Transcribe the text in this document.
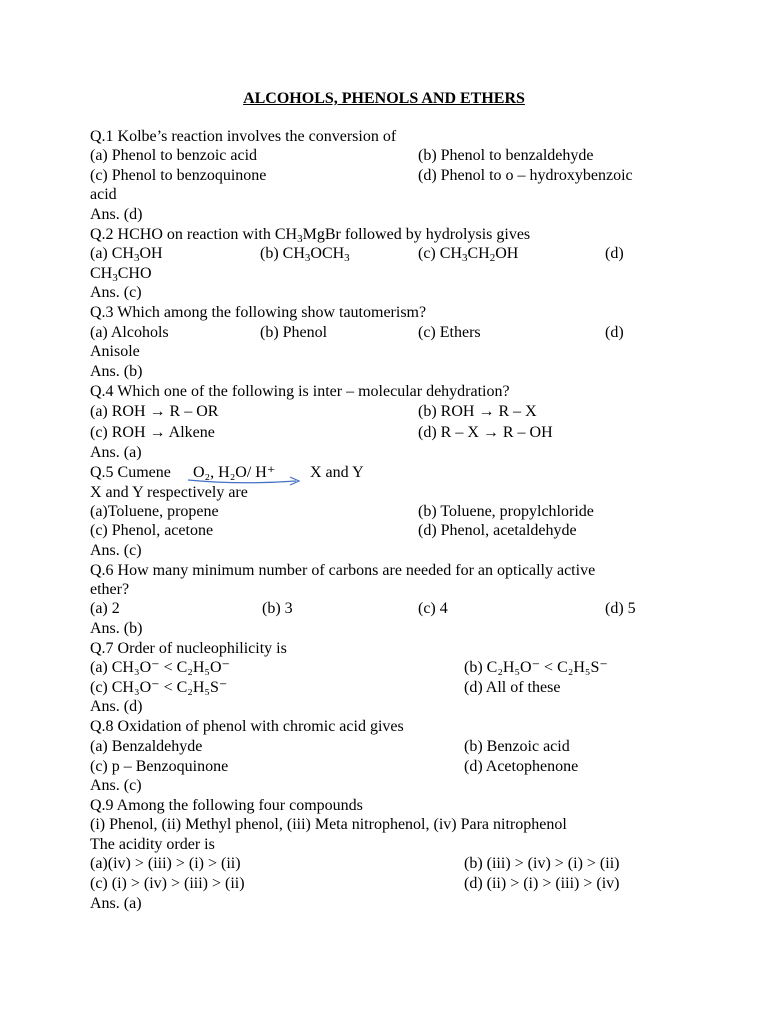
ALCOHOLS, PHENOLS AND ETHERS
Q.1 Kolbe’s reaction involves the conversion of
(a) Phenol to benzoic acid	(b) Phenol to benzaldehyde
(c) Phenol to benzoquinone	(d) Phenol to o – hydroxybenzoic
acid
Ans. (d)
Q.2 HCHO on reaction with $CH_3MgBr$ followed by hydrolysis gives
(a) $CH_3OH$	(b) $CH_3OCH_3$	(c) $CH_3CH_2OH$	(d)
$CH_3CHO$
Ans. (c)
Q.3 Which among the following show tautomerism?
(a) Alcohols	(b) Phenol	(c) Ethers	(d)
Anisole
Ans. (b)
Q.4 Which one of the following is inter – molecular dehydration?
(a) ROH → R – OR	(b) ROH → R – X
(c) ROH → Alkene	(d) R – X → R – OH
Ans. (a)
Q.5 Cumene O₂, H₂O/ H⁺ X and Y
X and Y respectively are
(a)Toluene, propene	(b) Toluene, propylchloride
(c) Phenol, acetone	(d) Phenol, acetaldehyde
Ans. (c)
Q.6 How many minimum number of carbons are needed for an optically active
ether?
(a) 2	(b) 3	(c) 4	(d) 5
Ans. (b)
Q.7 Order of nucleophilicity is
(a) CH₃O⁻ < C₂H₅O⁻	(b) C₂H₅O⁻ < C₂H₅S⁻
(c) CH₃O⁻ < C₂H₅S⁻	(d) All of these
Ans. (d)
Q.8 Oxidation of phenol with chromic acid gives
(a) Benzaldehyde	(b) Benzoic acid
(c) p – Benzoquinone	(d) Acetophenone
Ans. (c)
Q.9 Among the following four compounds
(i) Phenol, (ii) Methyl phenol, (iii) Meta nitrophenol, (iv) Para nitrophenol
The acidity order is
(a)(iv) > (iii) > (i) > (ii)	(b) (iii) > (iv) > (i) > (ii)
(c) (i) > (iv) > (iii) > (ii)	(d) (ii) > (i) > (iii) > (iv)
Ans. (a)
